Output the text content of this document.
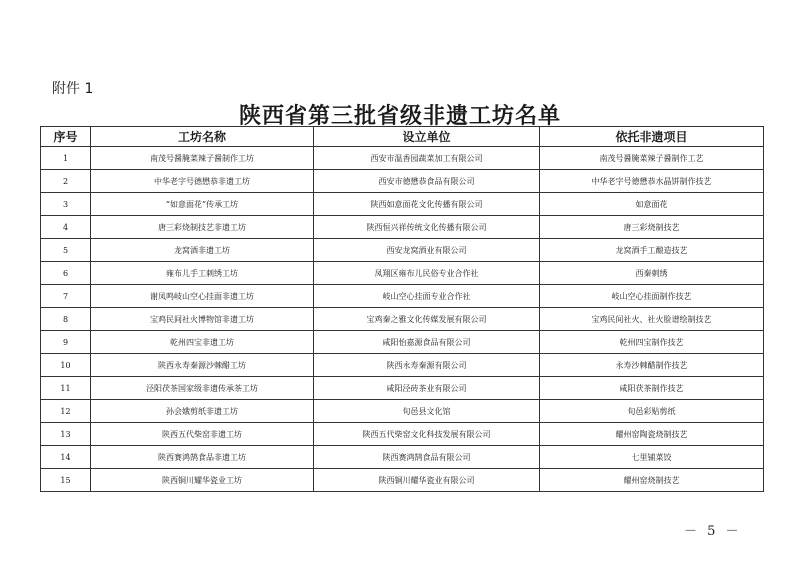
附件 1
陕西省第三批省级非遗工坊名单
序号	工坊名称	设立单位	依托非遗项目
1	南茂号醤腌菜辣子醤制作工坊	西安市温香园蔬菜加工有限公司	南茂号醤腌菜辣子醤制作工艺
2	中华老字号德懋恭非遗工坊	西安市德懋恭食品有限公司	中华老字号德懋恭水晶饼制作技艺
3	“如意面花”传承工坊	陕西如意面花文化传播有限公司	如意面花
4	唐三彩烧制技艺非遗工坊	陕西恒兴祥传统文化传播有限公司	唐三彩烧制技艺
5	龙窝酒非遗工坊	西安龙窝酒业有限公司	龙窝酒手工酿造技艺
6	雍布儿手工刺绣工坊	凤翔区雍布儿民俗专业合作社	西秦刺绣
7	谢凤鸣岐山空心挂面非遗工坊	岐山空心挂面专业合作社	岐山空心挂面制作技艺
8	宝鸡民间社火博物馆非遗工坊	宝鸡秦之雅文化传媒发展有限公司	宝鸡民间社火、社火脸谱绘制技艺
9	乾州四宝非遗工坊	咸阳怡嘉源食品有限公司	乾州四宝制作技艺
10	陕西永寿秦源沙棘醋工坊	陕西永寿秦源有限公司	永寿沙棘醋制作技艺
11	泾阳茯茶国家级非遗传承茶工坊	咸阳泾砖茶业有限公司	咸阳茯茶制作技艺
12	孙会娥剪纸非遗工坊	旬邑县文化馆	旬邑彩贴剪纸
13	陕西五代柴窑非遗工坊	陕西五代柴窑文化科技发展有限公司	耀州窑陶瓷烧制技艺
14	陕西赛鸿鹄食品非遗工坊	陕西赛鸿鹄食品有限公司	七里铺菜饺
15	陕西铜川耀华瓷业工坊	陕西铜川耀华瓷业有限公司	耀州窑烧制技艺
－ 5 －
